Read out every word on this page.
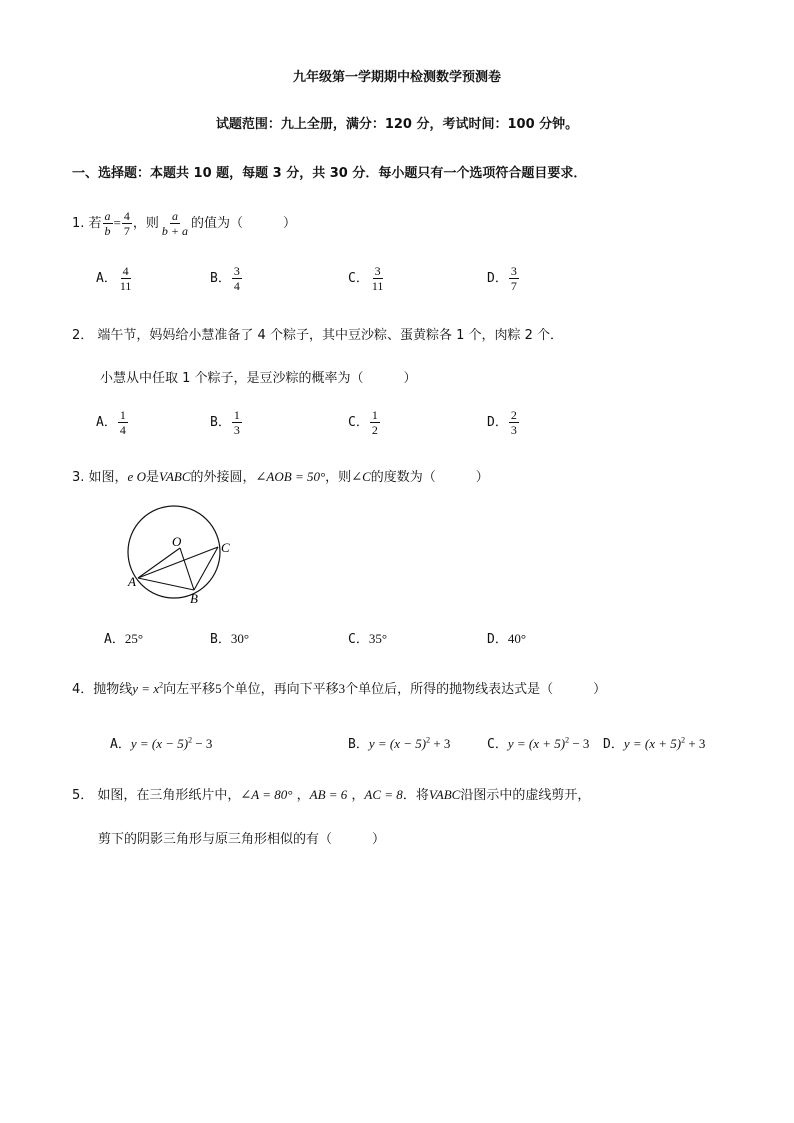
九年级第一学期期中检测数学预测卷
试题范围：九上全册，满分：120 分，考试时间：100 分钟。
一、选择题：本题共 10 题，每题 3 分，共 30 分．每小题只有一个选项符合题目要求．
1. 若 $\frac{a}{b} = \frac{4}{7}$ ，则 $\frac{a}{b + a}$ 的值为（	）
A． $\frac{4}{11}$	B． $\frac{3}{4}$	C． $\frac{3}{11}$	D． $\frac{3}{7}$
2． 端午节，妈妈给小慧准备了 4 个粽子，其中豆沙粽、蛋黄粽各 1 个，肉粽 2 个．
小慧从中任取 1 个粽子，是豆沙粽的概率为（	）
A． $\frac{1}{4}$	B． $\frac{1}{3}$	C． $\frac{1}{2}$	D． $\frac{2}{3}$
3. 如图，e O是VABC的外接圆，∠AOB = 50°，则∠C的度数为（	）
O
A
B
C
A．25°	B．30°	C．35°	D．40°
4．抛物线$y = x^2$向左平移5个单位，再向下平移3个单位后，所得的抛物线表达式是（	）
A．$y = (x - 5)^2 - 3$	B．$y = (x - 5)^2 + 3$	C．$y = (x + 5)^2 - 3$ D．$y = (x + 5)^2 + 3$
5． 如图，在三角形纸片中，∠A = 80° ，AB = 6 ，AC = 8．将VABC沿图示中的虚线剪开，
剪下的阴影三角形与原三角形相似的有（	）
